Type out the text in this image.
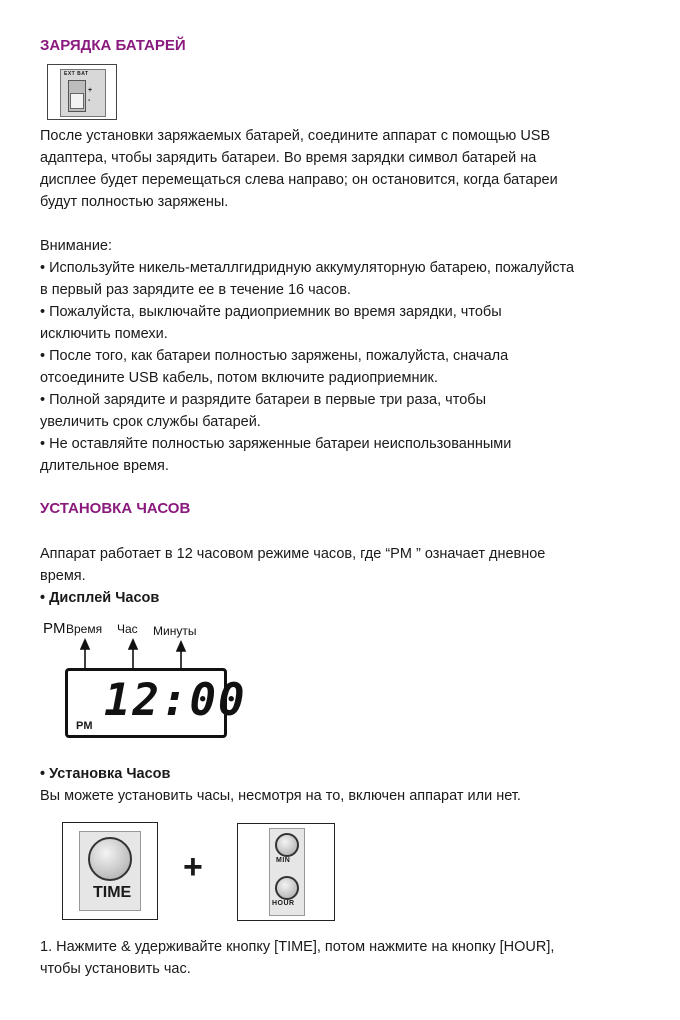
ЗАРЯДКА БАТАРЕЙ
EXT BAT
+
-
После установки заряжаемых батарей, соедините аппарат с помощью USB
адаптера, чтобы зарядить батареи. Во время зарядки символ батарей на
дисплее будет перемещаться слева направо; он остановится, когда батареи
будут полностью заряжены.
Внимание:
• Используйте никель-металлгидридную аккумуляторную батарею, пожалуйста
в первый раз зарядите ее в течение 16 часов.
• Пожалуйста, выключайте радиоприемник во время зарядки, чтобы
исключить помехи.
• После того, как батареи полностью заряжены, пожалуйста, сначала
отсоедините USB кабель, потом включите радиоприемник.
• Полной зарядите и разрядите батареи в первые три раза, чтобы
увеличить срок службы батарей.
• Не оставляйте полностью заряженные батареи неиспользованными
длительное время.
УСТАНОВКА ЧАСОВ
Аппарат работает в 12 часовом режиме часов, где “PM ” означает дневное
время.
• Дисплей Часов
PM Время Час Минуты
12:00
PM
• Установка Часов
Вы можете установить часы, несмотря на то, включен аппарат или нет.
TIME
+	MIN
HOUR
1. Нажмите & удерживайте кнопку [TIME], потом нажмите на кнопку [HOUR],
чтобы установить час.
